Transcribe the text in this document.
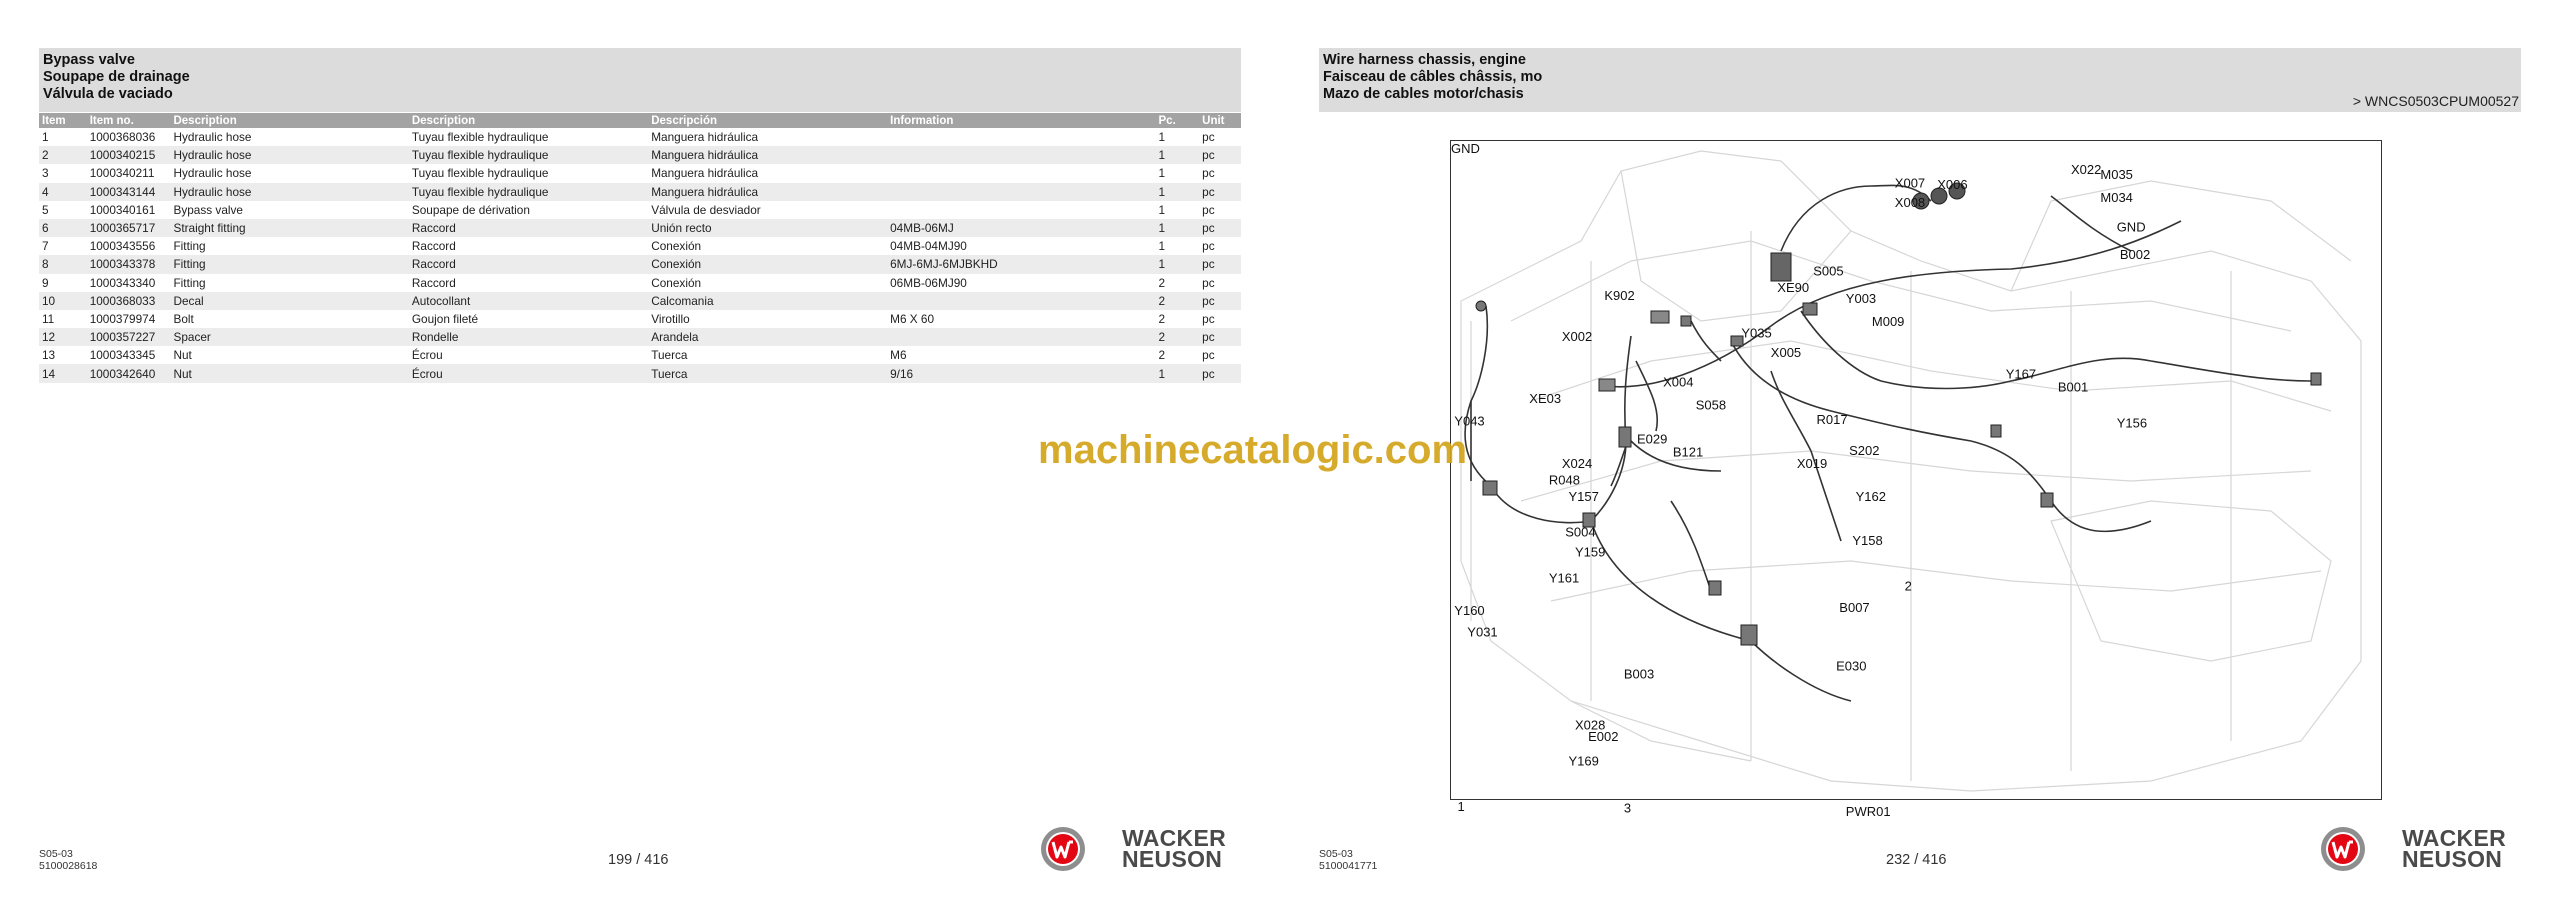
Bypass valve
Soupape de drainage
Válvula de vaciado
Item	Item no.	Description	Description	Descripción	Information	Pc.	Unit
1	1000368036	Hydraulic hose	Tuyau flexible hydraulique	Manguera hidráulica		1	pc
2	1000340215	Hydraulic hose	Tuyau flexible hydraulique	Manguera hidráulica		1	pc
3	1000340211	Hydraulic hose	Tuyau flexible hydraulique	Manguera hidráulica		1	pc
4	1000343144	Hydraulic hose	Tuyau flexible hydraulique	Manguera hidráulica		1	pc
5	1000340161	Bypass valve	Soupape de dérivation	Válvula de desviador		1	pc
6	1000365717	Straight fitting	Raccord	Unión recto	04MB-06MJ	1	pc
7	1000343556	Fitting	Raccord	Conexión	04MB-04MJ90	1	pc
8	1000343378	Fitting	Raccord	Conexión	6MJ-6MJ-6MJBKHD	1	pc
9	1000343340	Fitting	Raccord	Conexión	06MB-06MJ90	2	pc
10	1000368033	Decal	Autocollant	Calcomania		2	pc
11	1000379974	Bolt	Goujon fileté	Virotillo	M6 X 60	2	pc
12	1000357227	Spacer	Rondelle	Arandela		2	pc
13	1000343345	Nut	Écrou	Tuerca	M6	2	pc
14	1000342640	Nut	Écrou	Tuerca	9/16	1	pc
S05-03
5100028618	199 / 416
WACKER
NEUSON
Wire harness chassis, engine
Faisceau de câbles châssis, mo
Mazo de cables motor/chasis	> WNCS0503CPUM00527
S05-03
5100041771	232 / 416
WACKER
NEUSON
X007 X006
X022 M035
X008	M034
GND
B002
S005
XE90
Y003
M009
K902
Y035
X002
X005
X004
Y167
B001
XE03	S058
R017
Y043
E029
Y156
S202
B121
X019
X024
R048
Y162
Y157
S004
Y158
Y159
2
Y161
B007
Y160
Y031
E030
B003
X028
E002
Y169
1	3	PWR01
GND
machinecatalogic.com
